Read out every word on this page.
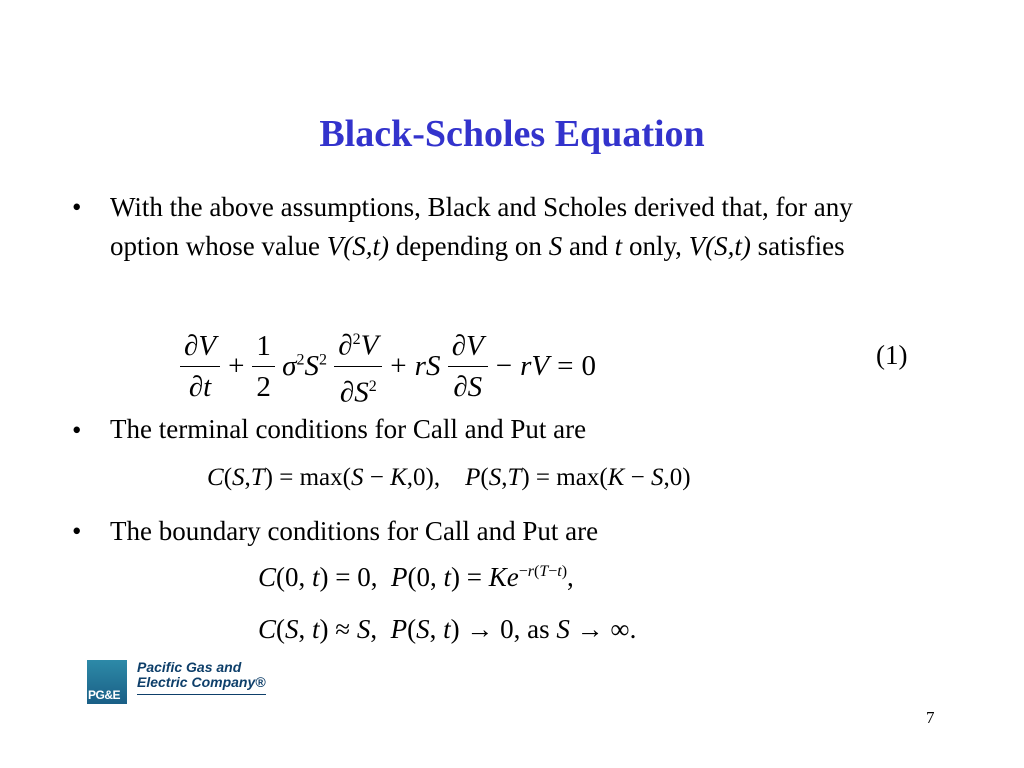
Black-Scholes Equation
• With the above assumptions, Black and Scholes derived that, for any option whose value V(S,t) depending on S and t only, V(S,t) satisfies
$\frac{\partial V}{\partial t} + \frac{1}{2} \sigma^2S^2 \frac{\partial^2V}{\partial S^2}$ + rS $\frac{\partial V}{\partial S}$ − rV = 0	(1)
• The terminal conditions for Call and Put are
C(S,T) = max(S − K,0),    P(S,T) = max(K − S,0)
• The boundary conditions for Call and Put are
C(0, t) = 0,  P(0, $t) = Ke^{-r(T-t)}$,
C(S, t) ≈ S,  P(S, t) → 0, as S → ∞.
PG&E
Pacific Gas and
Electric Company®
7
